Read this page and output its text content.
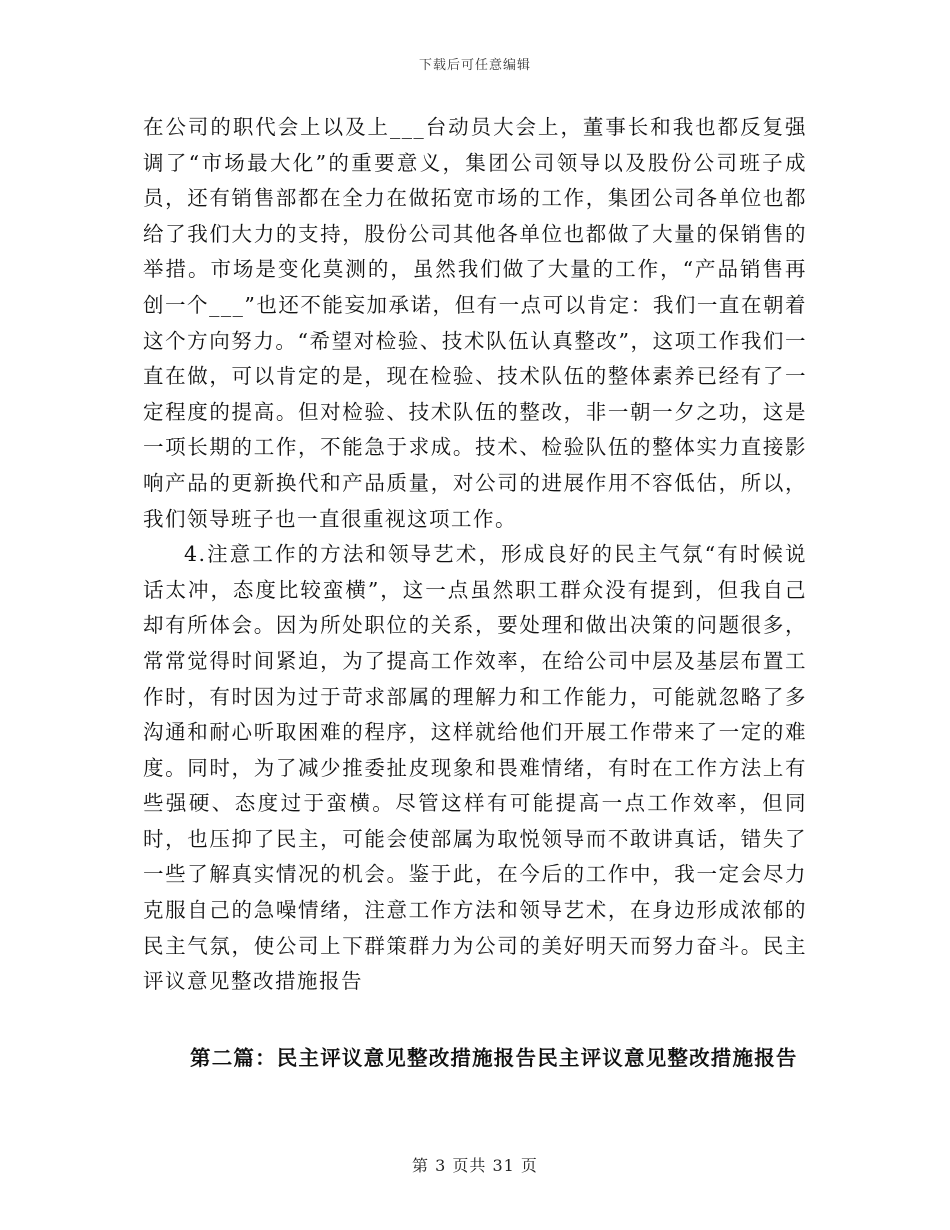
下载后可任意编辑

在公司的职代会上以及上___台动员大会上，董事长和我也都反复强调了“市场最大化”的重要意义，集团公司领导以及股份公司班子成员，还有销售部都在全力在做拓宽市场的工作，集团公司各单位也都给了我们大力的支持，股份公司其他各单位也都做了大量的保销售的举措。市场是变化莫测的，虽然我们做了大量的工作，“产品销售再创一个___”也还不能妄加承诺，但有一点可以肯定：我们一直在朝着这个方向努力。“希望对检验、技术队伍认真整改”，这项工作我们一直在做，可以肯定的是，现在检验、技术队伍的整体素养已经有了一定程度的提高。但对检验、技术队伍的整改，非一朝一夕之功，这是一项长期的工作，不能急于求成。技术、检验队伍的整体实力直接影响产品的更新换代和产品质量，对公司的进展作用不容低估，所以，我们领导班子也一直很重视这项工作。

4.注意工作的方法和领导艺术，形成良好的民主气氛“有时候说话太冲，态度比较蛮横”，这一点虽然职工群众没有提到，但我自己却有所体会。因为所处职位的关系，要处理和做出决策的问题很多，常常觉得时间紧迫，为了提高工作效率，在给公司中层及基层布置工作时，有时因为过于苛求部属的理解力和工作能力，可能就忽略了多沟通和耐心听取困难的程序，这样就给他们开展工作带来了一定的难度。同时，为了减少推委扯皮现象和畏难情绪，有时在工作方法上有些强硬、态度过于蛮横。尽管这样有可能提高一点工作效率，但同时，也压抑了民主，可能会使部属为取悦领导而不敢讲真话，错失了一些了解真实情况的机会。鉴于此，在今后的工作中，我一定会尽力克服自己的急噪情绪，注意工作方法和领导艺术，在身边形成浓郁的民主气氛，使公司上下群策群力为公司的美好明天而努力奋斗。民主评议意见整改措施报告

第二篇：民主评议意见整改措施报告民主评议意见整改措施报告
第 3 页共 31 页
